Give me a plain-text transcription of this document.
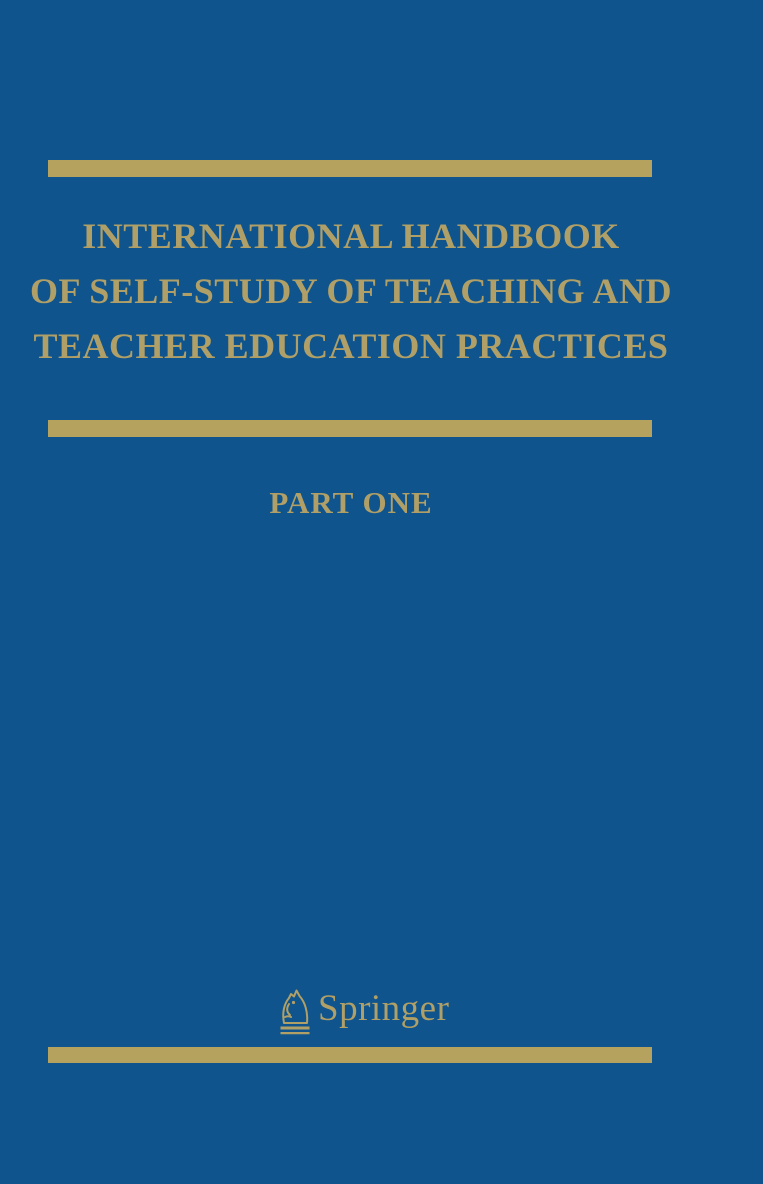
INTERNATIONAL HANDBOOK
OF SELF-STUDY OF TEACHING AND
TEACHER EDUCATION PRACTICES
PART ONE
Springer
